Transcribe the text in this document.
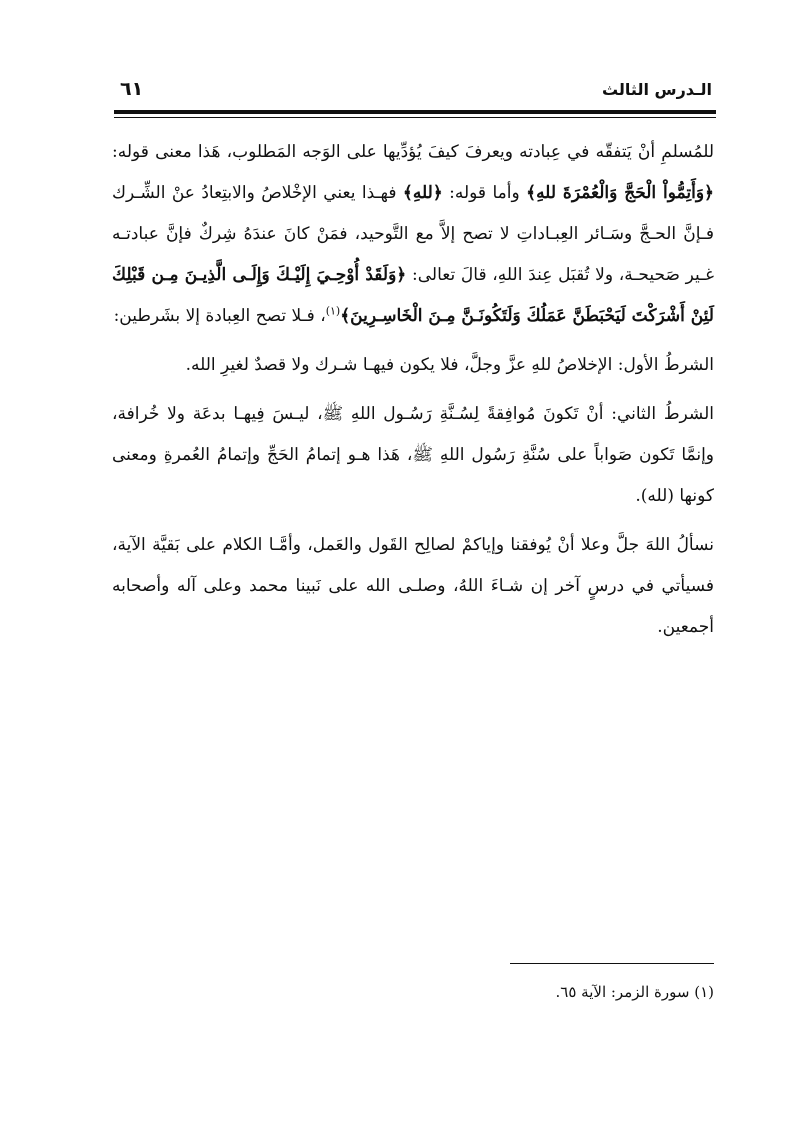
الـدرس الثالث
٦١

للمُسلمِ أنْ يَتفقّه في عِبادته ويعرفَ كيفَ يُؤدِّيها على الوَجه المَطلوب، هَذا معنى قوله: ﴿وَأَتِمُّواْ الْحَجَّ وَالْعُمْرَةَ للهِ﴾ وأما قوله: ﴿للهِ﴾ فهـذا يعني الإخْلاصُ والابتِعادُ عنْ الشِّـرك فـإنَّ الحـجَّ وسَـائر العِبـاداتِ لا تصح إلاَّ مع التَّوحيد، فمَنْ كانَ عندَهُ شِركٌ فإنَّ عبادتـه غـير صَحيحـة، ولا تُقبَل عِندَ اللهِ، قالَ تعالى: ﴿وَلَقَدْ أُوْحِـيَ إِلَيْـكَ وَإِلَـى الَّذِيـنَ مِـن قَبْلِكَ لَئِنْ أَشْرَكْتَ لَيَحْبَطَنَّ عَمَلُكَ وَلَتَكُونَـنَّ مِـنَ الْخَاسِـرِينَ﴾$^{(١)}$، فـلا تصح العِبادة إلا بشَرطين:

الشرطُ الأول: الإخلاصُ للهِ عزَّ وجلَّ، فلا يكون فيهـا شـرك ولا قصدٌ لغيرِ الله.

الشرطُ الثاني: أنْ تَكونَ مُوافِقةً لِسُـنَّةِ رَسُـول اللهِ ﷺ، ليـسَ فِيهـا بدعَة ولا خُرافة، وإنمَّا تَكون صَواباً على سُنَّةِ رَسُول اللهِ ﷺ، هَذا هـو إتمامُ الحَجِّ وإتمامُ العُمرةِ ومعنى كونها (لله).

نسألُ اللهَ جلَّ وعلا أنْ يُوفقنا وإياكمْ لصالِح القَول والعَمل، وأمَّـا الكلام على بَقيَّة الآية، فسيأتي في درسٍ آخر إن شـاءَ اللهُ، وصلـى الله على نَبينا محمد وعلى آله وأصحابه أجمعين.

(١) سورة الزمر: الآية ٦٥.
